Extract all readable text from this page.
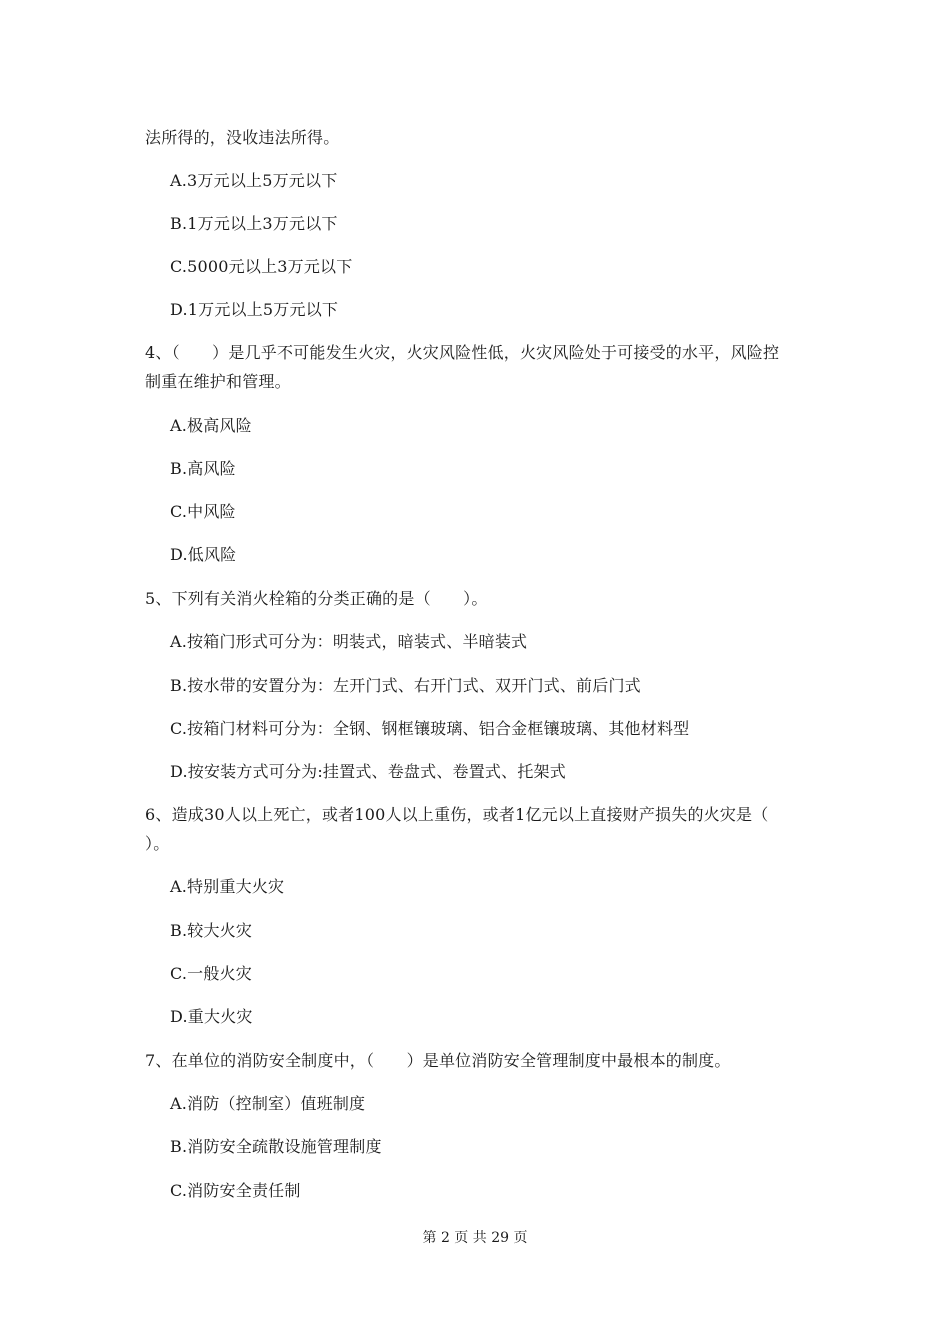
法所得的，没收违法所得。
A.3万元以上5万元以下
B.1万元以上3万元以下
C.5000元以上3万元以下
D.1万元以上5万元以下
4、（　　）是几乎不可能发生火灾，火灾风险性低，火灾风险处于可接受的水平，风险控
制重在维护和管理。
A.极高风险
B.高风险
C.中风险
D.低风险
5、下列有关消火栓箱的分类正确的是（　　）。
A.按箱门形式可分为：明装式，暗装式、半暗装式
B.按水带的安置分为：左开门式、右开门式、双开门式、前后门式
C.按箱门材料可分为：全钢、钢框镶玻璃、铝合金框镶玻璃、其他材料型
D.按安装方式可分为:挂置式、卷盘式、卷置式、托架式
6、造成30人以上死亡，或者100人以上重伤，或者1亿元以上直接财产损失的火灾是（
）。
A.特别重大火灾
B.较大火灾
C.一般火灾
D.重大火灾
7、在单位的消防安全制度中，（　　）是单位消防安全管理制度中最根本的制度。
A.消防（控制室）值班制度
B.消防安全疏散设施管理制度
C.消防安全责任制
第 2 页 共 29 页
